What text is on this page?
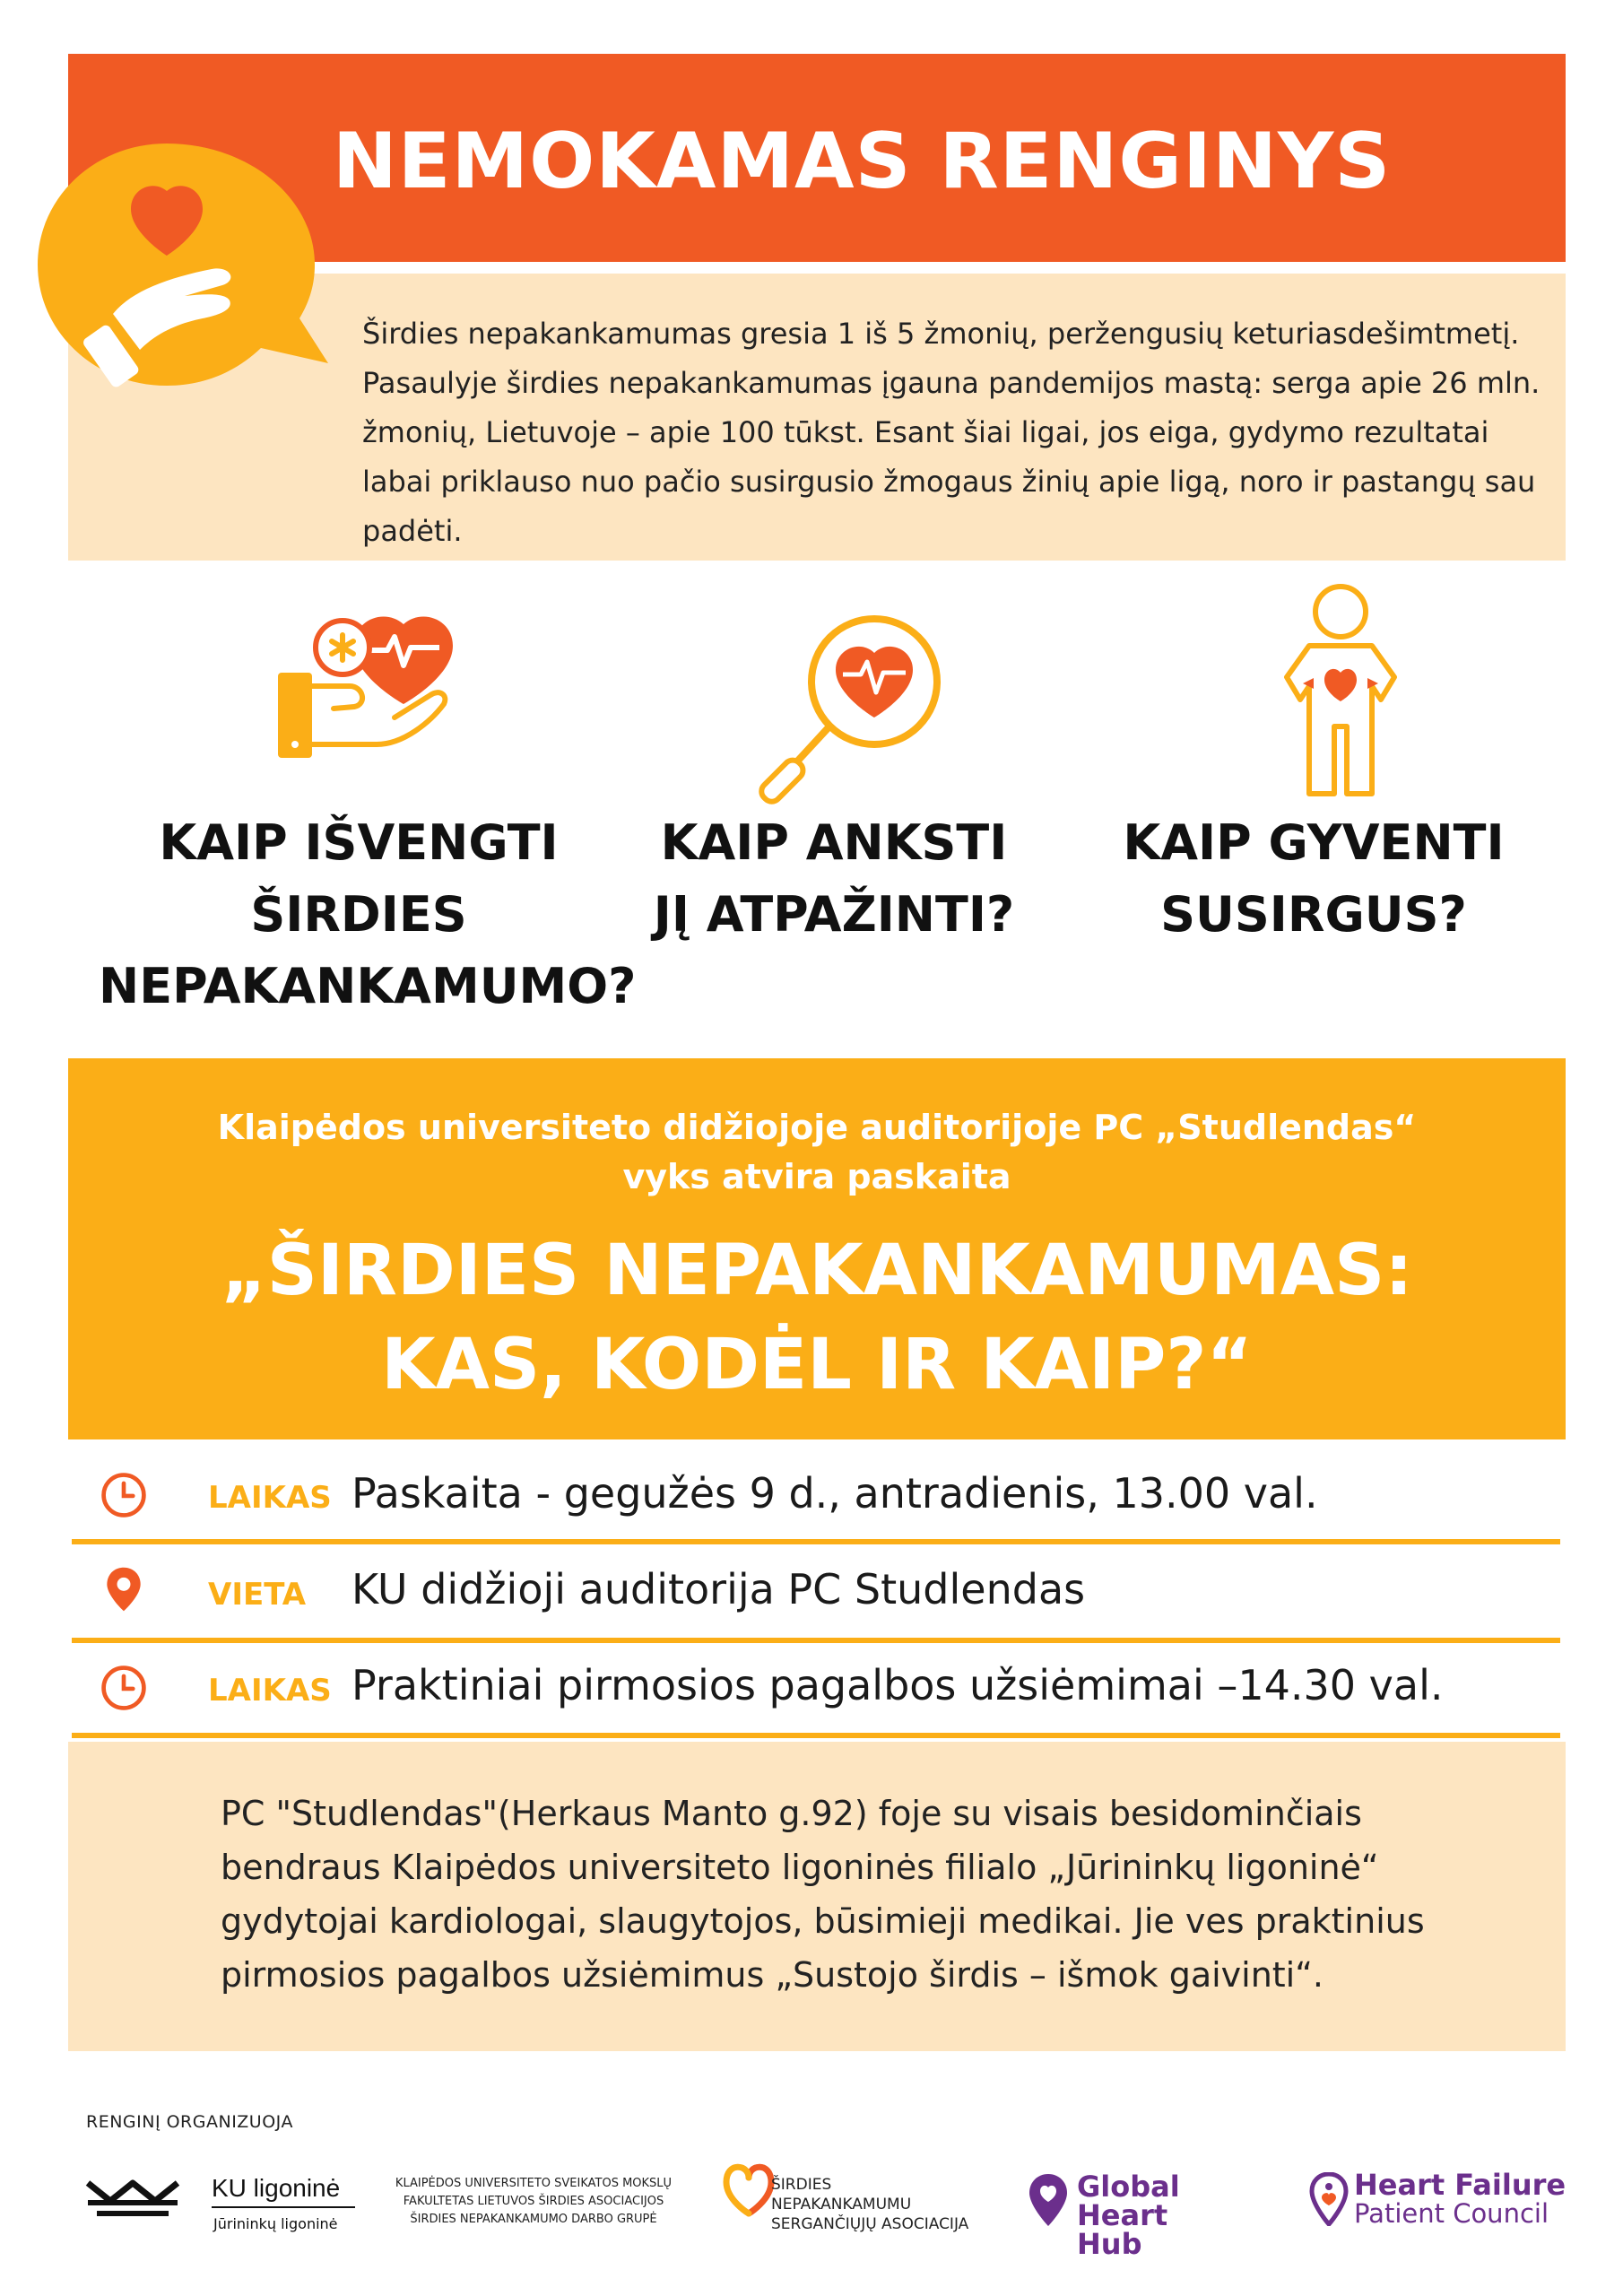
NEMOKAMAS RENGINYS
Širdies nepakankamumas gresia 1 iš 5 žmonių, peržengusių keturiasdešimtmetį. Pasaulyje širdies nepakankamumas įgauna pandemijos mastą: serga apie 26 mln. žmonių, Lietuvoje – apie 100 tūkst. Esant šiai ligai, jos eiga, gydymo rezultatai labai priklauso nuo pačio susirgusio žmogaus žinių apie ligą, noro ir pastangų sau padėti.
KAIP IŠVENGTI
ŠIRDIES
NEPAKANKAMUMO?
KAIP ANKSTI
JĮ ATPAŽINTI?
KAIP GYVENTI
SUSIRGUS?
Klaipėdos universiteto didžiojoje auditorijoje PC „Studlendas“
vyks atvira paskaita
„ŠIRDIES NEPAKANKAMUMAS:
KAS, KODĖL IR KAIP?“
LAIKAS Paskaita - gegužės 9 d., antradienis, 13.00 val.
VIETA KU didžioji auditorija PC Studlendas
LAIKAS Praktiniai pirmosios pagalbos užsiėmimai –14.30 val.
PC "Studlendas"(Herkaus Manto g.92) foje su visais besidominčiais bendraus Klaipėdos universiteto ligoninės filialo „Jūrininkų ligoninė“ gydytojai kardiologai, slaugytojos, būsimieji medikai. Jie ves praktinius pirmosios pagalbos užsiėmimus „Sustojo širdis – išmok gaivinti“.
RENGINĮ ORGANIZUOJA
KU ligoninė
Jūrininkų ligoninė
KLAIPĖDOS UNIVERSITETO SVEIKATOS MOKSLŲ
FAKULTETAS LIETUVOS ŠIRDIES ASOCIACIJOS
ŠIRDIES NEPAKANKAMUMO DARBO GRUPĖ
ŠIRDIES
NEPAKANKAMUMU
SERGANČIŲJŲ ASOCIACIJA
Global
Heart Hub
Heart Failure
Patient Council
